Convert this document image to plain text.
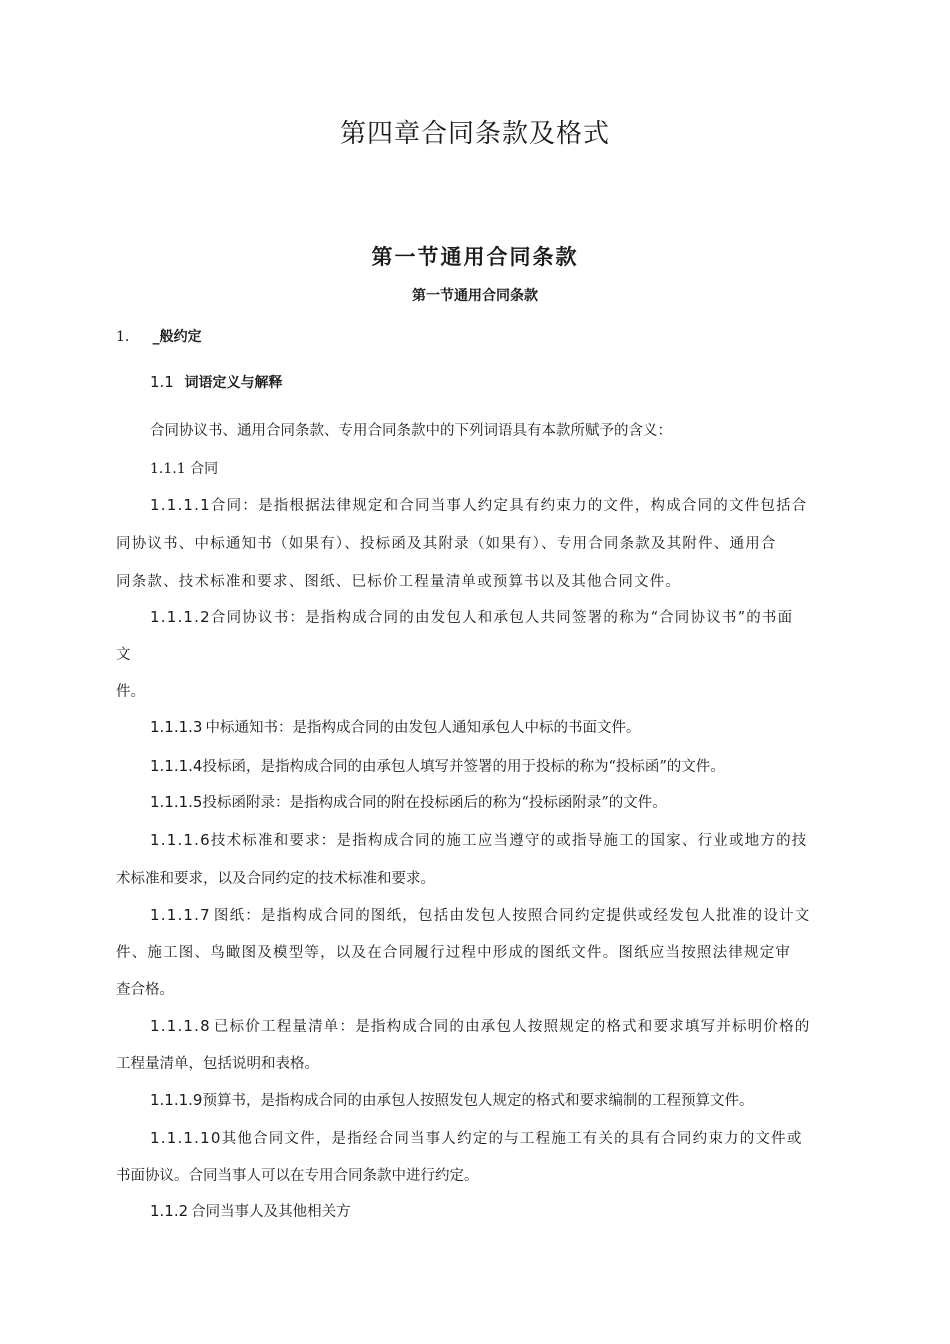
第四章合同条款及格式
第一节通用合同条款
第一节通用合同条款
1. _般约定
1.1 词语定义与解释
合同协议书、通用合同条款、专用合同条款中的下列词语具有本款所赋予的含义：
1.1.1 合同
1.1.1.1合同：是指根据法律规定和合同当事人约定具有约束力的文件，构成合同的文件包括合
同协议书、中标通知书（如果有）、投标函及其附录（如果有）、专用合同条款及其附件、通用合
同条款、技术标准和要求、图纸、巳标价工程量清单或预算书以及其他合同文件。
1.1.1.2合同协议书：是指构成合同的由发包人和承包人共同签署的称为“合同协议书”的书面
文
件。
1.1.1.3 中标通知书：是指构成合同的由发包人通知承包人中标的书面文件。
1.1.1.4投标函，是指构成合同的由承包人填写并签署的用于投标的称为“投标函”的文件。
1.1.1.5投标函附录：是指构成合同的附在投标函后的称为“投标函附录”的文件。
1.1.1.6技术标准和要求：是指构成合同的施工应当遵守的或指导施工的国家、行业或地方的技
术标准和要求，以及合同约定的技术标准和要求。
1.1.1.7 图纸：是指构成合同的图纸，包括由发包人按照合同约定提供或经发包人批准的设计文
件、施工图、鸟瞰图及模型等，以及在合同履行过程中形成的图纸文件。图纸应当按照法律规定审
查合格。
1.1.1.8 已标价工程量清单：是指构成合同的由承包人按照规定的格式和要求填写并标明价格的
工程量清单，包括说明和表格。
1.1.1.9预算书，是指构成合同的由承包人按照发包人规定的格式和要求编制的工程预算文件。
1.1.1.10其他合同文件，是指经合同当事人约定的与工程施工有关的具有合同约束力的文件或
书面协议。合同当事人可以在专用合同条款中进行约定。
1.1.2 合同当事人及其他相关方
